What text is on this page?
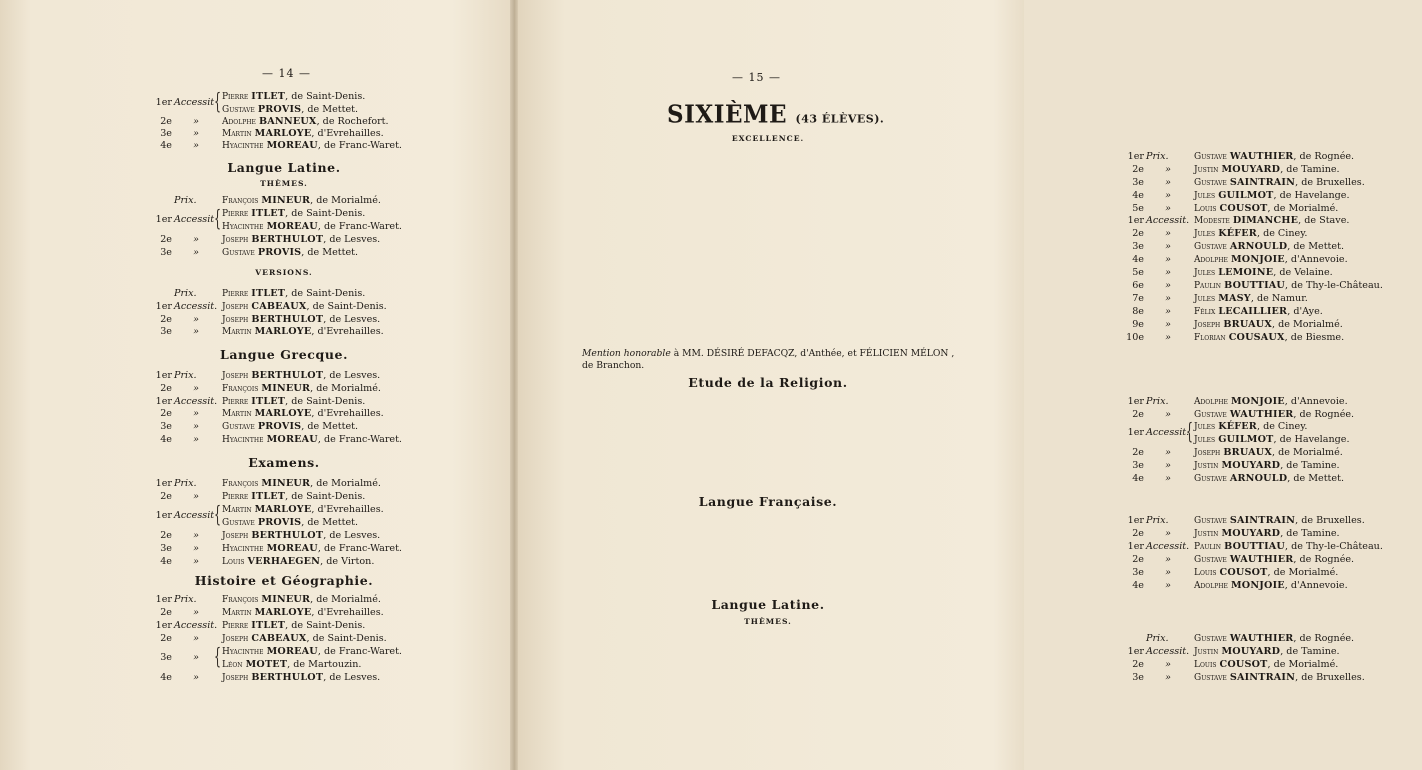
— 14 —
1er Accessit { Pierre ITLET, de Saint-Denis.
Gustave PROVIS, de Mettet.
2e	»	Adolphe BANNEUX, de Rochefort.
3e	»	Martin MARLOYE, d'Evrehailles.
4e	»	Hyacinthe MOREAU, de Franc-Waret.
Langue Latine.
THÈMES.
Prix.	François MINEUR, de Morialmé.
1er Accessit { Pierre ITLET, de Saint-Denis.
Hyacinthe MOREAU, de Franc-Waret.
2e	»	Joseph BERTHULOT, de Lesves.
3e	»	Gustave PROVIS, de Mettet.
VERSIONS.
Prix.	Pierre ITLET, de Saint-Denis.
1er Accessit. Joseph CABEAUX, de Saint-Denis.
2e	»	Joseph BERTHULOT, de Lesves.
3e	»	Martin MARLOYE, d'Evrehailles.
Langue Grecque.
1er Prix.	Joseph BERTHULOT, de Lesves.
2e	»	François MINEUR, de Morialmé.
1er Accessit. Pierre ITLET, de Saint-Denis.
2e	»	Martin MARLOYE, d'Evrehailles.
3e	»	Gustave PROVIS, de Mettet.
4e	»	Hyacinthe MOREAU, de Franc-Waret.
Examens.
1er Prix.	François MINEUR, de Morialmé.
2e	»	Pierre ITLET, de Saint-Denis.
1er Accessit { Martin MARLOYE, d'Evrehailles.
Gustave PROVIS, de Mettet.
2e	»	Joseph BERTHULOT, de Lesves.
3e	»	Hyacinthe MOREAU, de Franc-Waret.
4e	»	Louis VERHAEGEN, de Virton.
Histoire et Géographie.
1er Prix.	François MINEUR, de Morialmé.
2e	»	Martin MARLOYE, d'Evrehailles.
1er Accessit. Pierre ITLET, de Saint-Denis.
2e	»	Joseph CABEAUX, de Saint-Denis.
3e	» { Hyacinthe MOREAU, de Franc-Waret.
Léon MOTET, de Martouzin.
4e	»	Joseph BERTHULOT, de Lesves.
— 15 —
SIXIÈME (43 ÉLÈVES).
EXCELLENCE.
1er Prix.	Gustave WAUTHIER, de Rognée.
2e	»	Justin MOUYARD, de Tamine.
3e	»	Gustave SAINTRAIN, de Bruxelles.
4e	»	Jules GUILMOT, de Havelange.
5e	»	Louis COUSOT, de Morialmé.
1er Accessit. Modeste DIMANCHE, de Stave.
2e	»	Jules KÉFER, de Ciney.
3e	»	Gustave ARNOULD, de Mettet.
4e	»	Adolphe MONJOIE, d'Annevoie.
5e	»	Jules LEMOINE, de Velaine.
6e	»	Paulin BOUTTIAU, de Thy-le-Château.
7e	»	Jules MASY, de Namur.
8e	»	Félix LECAILLIER, d'Aye.
9e	»	Joseph BRUAUX, de Morialmé.
10e	»	Florian COUSAUX, de Biesme.
Mention honorable à MM. DÉSIRÉ DEFACQZ, d'Anthée, et FÉLICIEN MÉLON ,
de Branchon.
Etude de la Religion.
1er Prix.	Adolphe MONJOIE, d'Annevoie.
2e	»	Gustave WAUTHIER, de Rognée.
1er Accessit.
{ Jules KÉFER, de Ciney.
Jules GUILMOT, de Havelange.
2e	»	Joseph BRUAUX, de Morialmé.
3e	»	Justin MOUYARD, de Tamine.
4e	»	Gustave ARNOULD, de Mettet.
Langue Française.
1er Prix.	Gustave SAINTRAIN, de Bruxelles.
2e	»	Justin MOUYARD, de Tamine.
1er Accessit. Paulin BOUTTIAU, de Thy-le-Château.
2e	»	Gustave WAUTHIER, de Rognée.
3e	»	Louis COUSOT, de Morialmé.
4e	»	Adolphe MONJOIE, d'Annevoie.
Langue Latine.
THÈMES.
Prix.	Gustave WAUTHIER, de Rognée.
1er Accessit. Justin MOUYARD, de Tamine.
2e	»	Louis COUSOT, de Morialmé.
3e	»	Gustave SAINTRAIN, de Bruxelles.
